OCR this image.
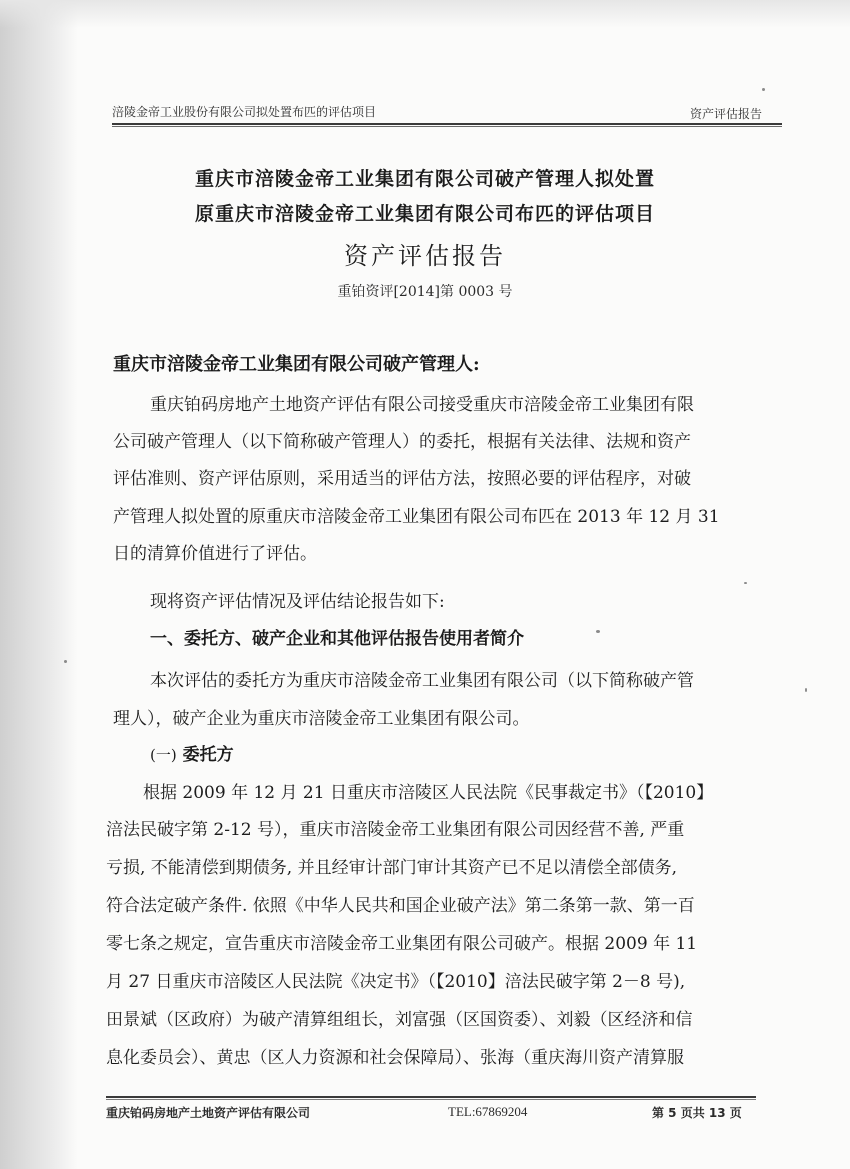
涪陵金帝工业股份有限公司拟处置布匹的评估项目	资产评估报告
重庆市涪陵金帝工业集团有限公司破产管理人拟处置
原重庆市涪陵金帝工业集团有限公司布匹的评估项目
资产评估报告
重铂资评[2014]第 0003 号
重庆市涪陵金帝工业集团有限公司破产管理人:
重庆铂码房地产土地资产评估有限公司接受重庆市涪陵金帝工业集团有限
公司破产管理人（以下简称破产管理人）的委托，根据有关法律、法规和资产
评估准则、资产评估原则，采用适当的评估方法，按照必要的评估程序，对破
产管理人拟处置的原重庆市涪陵金帝工业集团有限公司布匹在 2013 年 12 月 31
日的清算价值进行了评估。
现将资产评估情况及评估结论报告如下:
一、委托方、破产企业和其他评估报告使用者简介
本次评估的委托方为重庆市涪陵金帝工业集团有限公司（以下简称破产管
理人），破产企业为重庆市涪陵金帝工业集团有限公司。
(一) 委托方
根据 2009 年 12 月 21 日重庆市涪陵区人民法院《民事裁定书》（【2010】
涪法民破字第 2-12 号），重庆市涪陵金帝工业集团有限公司因经营不善, 严重
亏损, 不能清偿到期债务, 并且经审计部门审计其资产已不足以清偿全部债务,
符合法定破产条件. 依照《中华人民共和国企业破产法》第二条第一款、第一百
零七条之规定，宣告重庆市涪陵金帝工业集团有限公司破产。根据 2009 年 11
月 27 日重庆市涪陵区人民法院《决定书》（【2010】涪法民破字第 2－8 号),
田景斌（区政府）为破产清算组组长，刘富强（区国资委）、刘毅（区经济和信
息化委员会）、黄忠（区人力资源和社会保障局）、张海（重庆海川资产清算服
重庆铂码房地产土地资产评估有限公司	TEL:67869204	第 5 页共 13 页
